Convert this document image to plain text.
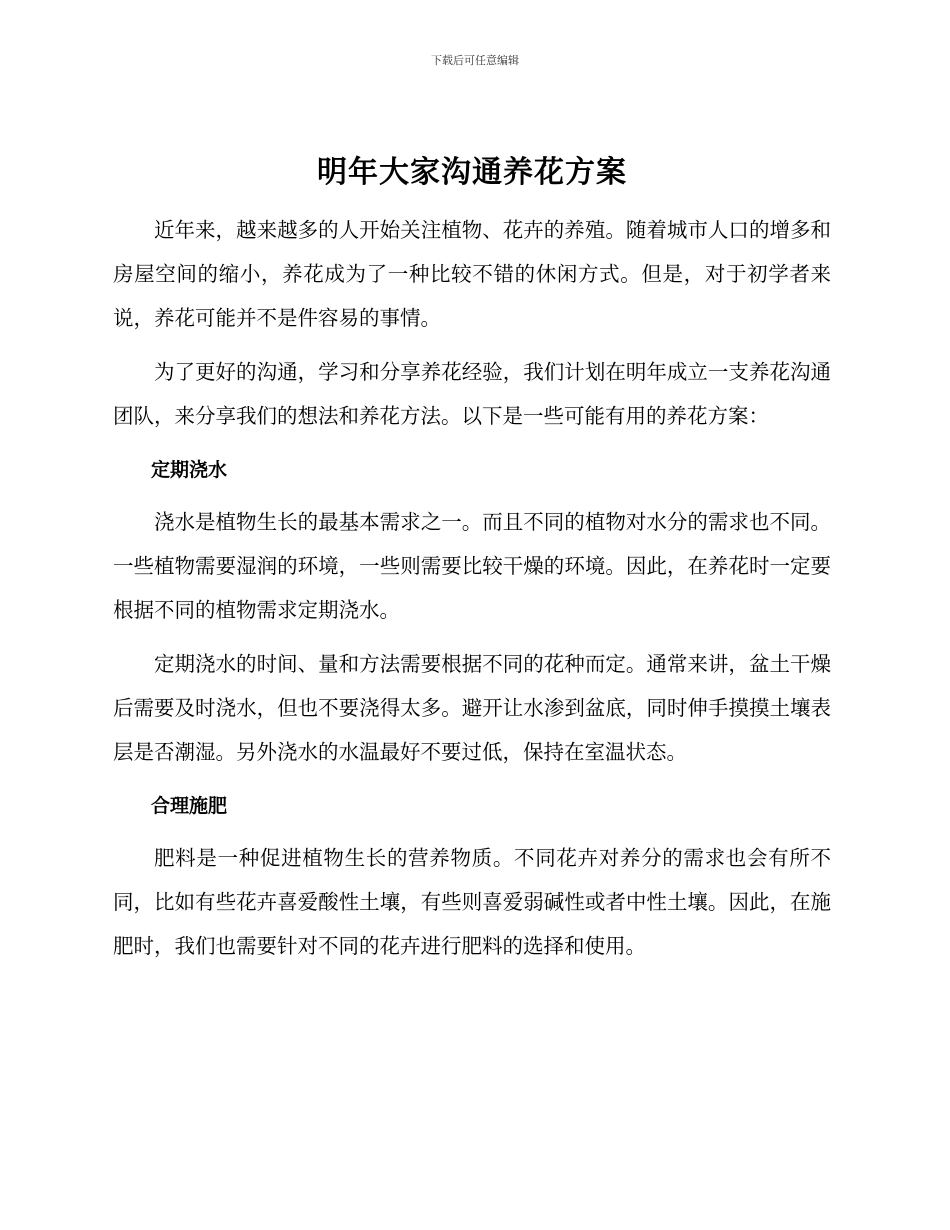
下载后可任意编辑
明年大家沟通养花方案

近年来，越来越多的人开始关注植物、花卉的养殖。随着城市人口的增多和房屋空间的缩小，养花成为了一种比较不错的休闲方式。但是，对于初学者来说，养花可能并不是件容易的事情。

为了更好的沟通，学习和分享养花经验，我们计划在明年成立一支养花沟通团队，来分享我们的想法和养花方法。以下是一些可能有用的养花方案：

定期浇水

浇水是植物生长的最基本需求之一。而且不同的植物对水分的需求也不同。一些植物需要湿润的环境，一些则需要比较干燥的环境。因此，在养花时一定要根据不同的植物需求定期浇水。

定期浇水的时间、量和方法需要根据不同的花种而定。通常来讲，盆土干燥后需要及时浇水，但也不要浇得太多。避开让水渗到盆底，同时伸手摸摸土壤表层是否潮湿。另外浇水的水温最好不要过低，保持在室温状态。

合理施肥

肥料是一种促进植物生长的营养物质。不同花卉对养分的需求也会有所不同，比如有些花卉喜爱酸性土壤，有些则喜爱弱碱性或者中性土壤。因此，在施肥时，我们也需要针对不同的花卉进行肥料的选择和使用。
